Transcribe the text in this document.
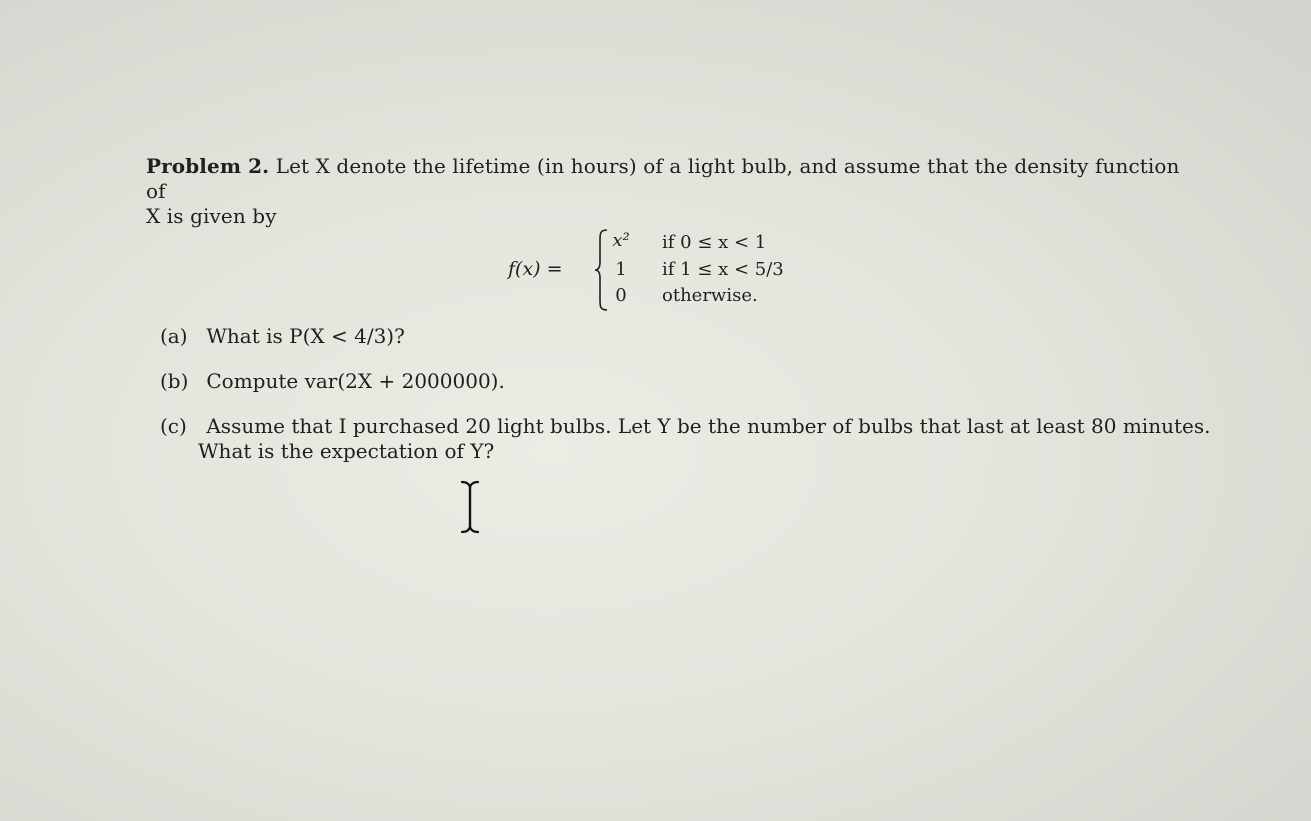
Problem 2. Let X denote the lifetime (in hours) of a light bulb, and assume that the density function of
X is given by
f(x) =
x²	if 0 ≤ x < 1
1	if 1 ≤ x < 5/3
0	otherwise.
(a) What is P(X < 4/3)?
(b) Compute var(2X + 2000000).
(c) Assume that I purchased 20 light bulbs. Let Y be the number of bulbs that last at least 80 minutes.
What is the expectation of Y?
